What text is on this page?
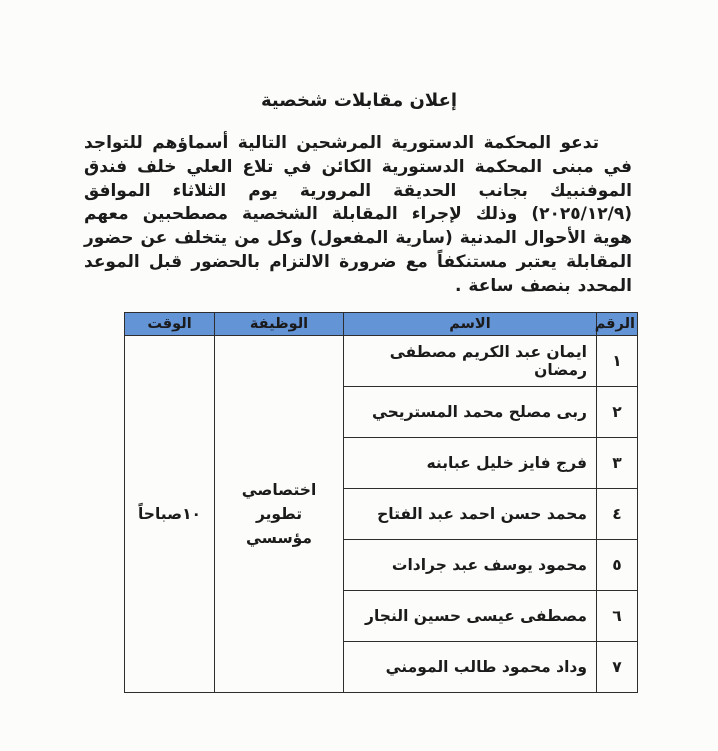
إعلان مقابلات شخصية
تدعو المحكمة الدستورية المرشحين التالية أسماؤهم للتواجد في مبنى المحكمة الدستورية الكائن في تلاع العلي خلف فندق الموفنبيك بجانب الحديقة المرورية يوم الثلاثاء الموافق (٢٠٢٥/١٢/٩) وذلك لإجراء المقابلة الشخصية مصطحبين معهم هوية الأحوال المدنية (سارية المفعول) وكل من يتخلف عن حضور المقابلة يعتبر مستنكفاً مع ضرورة الالتزام بالحضور قبل الموعد المحدد بنصف ساعة .
الرقم	الاسم	الوظيفة	الوقت
١	ايمان عبد الكريم مصطفى رمضان	اختصاصي تطوير مؤسسي	١٠صباحاً
٢	ربى مصلح محمد المستريحي		
٣	فرج فايز خليل عبابنه		
٤	محمد حسن احمد عبد الفتاح		
٥	محمود يوسف عبد جرادات		
٦	مصطفى عيسى حسين النجار		
٧	وداد محمود طالب المومني		
